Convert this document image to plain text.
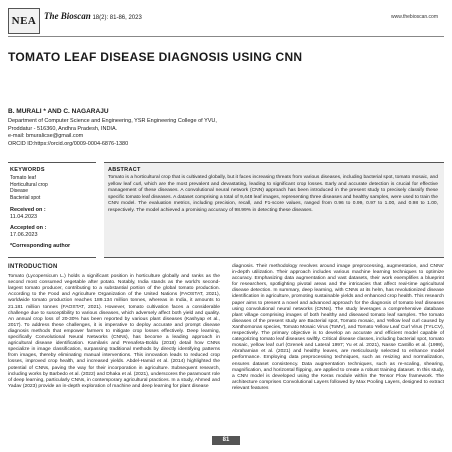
NEA The Bioscan 18(2): 81-86, 2023	www.thebioscan.com
TOMATO LEAF DISEASE DIAGNOSIS USING CNN
B. MURALI * AND C. NAGARAJU
Department of Computer Science and Engineering, YSR Engineering College of YVU,
Proddatur - 516360, Andhra Pradesh, INDIA.
e-mail: bmuralicse@gmail.com
ORCID ID:https://orcid.org/0009-0004-6876-1380
KEYWORDS
Tomato leaf
Horticultural crop
Disease
Bacterial spot
Received on :
11.04.2023
Accepted on :
17.06.2023
*Corresponding author
ABSTRACT
Tomato is a horticultural crop that is cultivated globally, but it faces increasing threats from various diseases, including bacterial spot, tomato mosaic, and yellow leaf curl, which are the most prevalent and devastating, leading to significant crop losses. Early and accurate detection is crucial for effective management of these diseases. A convolutional neural network (CNN) approach has been introduced in the present study to precisely classify these specific tomato leaf diseases. A dataset comprising a total of 9,448 leaf images, representing three diseases and healthy samples, were used to train the CNN model. The evaluation metrics, including precision, recall, and F1-score values, ranged from 0.96 to 0.99, 0.97 to 1.00, and 0.98 to 1.00, respectively. The model achieved a promising accuracy of 98.99% in detecting these diseases.
INTRODUCTION

Tomato (Lycopersicum L.) holds a significant position in horticulture globally and ranks as the second most consumed vegetable after potato. Notably, India stands as the world's second-largest tomato producer, contributing to a substantial portion of the global tomato production. According to the Food and Agriculture Organization of the United Nations (FAOSTAT, 2021), worldwide tomato production reaches 189.134 million tonnes, whereas in India, it amounts to 21.181 million tonnes (FAOSTAT, 2021). However, tomato cultivation faces a considerable challenge due to susceptibility to various diseases, which adversely affect both yield and quality. An annual crop loss of 20-30% has been reported by various plant diseases (Kashyap et al., 2017). To address these challenges, it is imperative to deploy accurate and prompt disease diagnosis methods that empower farmers to mitigate crop losses effectively. Deep learning, specifically Convolutional Neural Networks (CNNs), has become a leading approach in agricultural disease identification. Kamilaris and Prenafeta-Boldu (2018) detail how CNNs specialize in image classification, surpassing traditional methods by directly identifying patterns from images, thereby eliminating manual interventions. This innovation leads to reduced crop losses, improved crop health, and increased yields. Abdel-Hamid et al. (2014) highlighted the potential of CNNs, paving the way for their incorporation in agriculture. Subsequent research, including works by Barbedo et al. (2022) and Dhaka et al. (2021), underscores the paramount role of deep learning, particularly CNNs, in contemporary agricultural practices. In a study, Ahmed and Yadav (2023) provide an in-depth exploration of machine and deep learning for plant disease

diagnosis. Their methodology revolves around image preprocessing, augmentation, and CNNs' in-depth utilization. Their approach includes various machine learning techniques to optimize accuracy. Emphasizing data augmentation and vast datasets, their work exemplifies a blueprint for researchers, spotlighting pivotal areas and the intricacies that affect real-time agricultural disease detection. In summary, deep learning, with CNNs at its helm, has revolutionized disease identification in agriculture, promoting sustainable yields and enhanced crop health. This research paper aims to present a novel and advanced approach for the diagnosis of tomato leaf diseases using convolutional neural networks (CNNs). The study leverages a comprehensive database plant village comprising images of both healthy and diseased tomato leaf samples. The tomato diseases of the present study are Bacterial spot, Tomato mosaic, and Yellow leaf curl caused by Xanthomonas species, Tomato Mosaic Virus (ToMV), and Tomato Yellow Leaf Curl Virus (TYLCV), respectively. The primary objective is to develop an accurate and efficient model capable of categorizing tomato leaf diseases swiftly. Critical disease classes, including bacterial spot, tomato mosaic, yellow leaf curl (Grenek and Lateral 1997; Yu et al. 2021), Nasse Castillo et al. (1999), Abrahamian et al. (2021) and healthy leaves, are meticulously selected to enhance model performance. Employing data preprocessing techniques, such as resizing and normalization, ensures dataset consistency. Data augmentation techniques, such as re-scaling, shearing, magnification, and horizontal flipping, are applied to create a robust training dataset. In this study, a CNN model is developed using the Keras module within the Tensor Flow framework. The architecture comprises Convolutional Layers followed by Max Pooling Layers, designed to extract relevant features

81
